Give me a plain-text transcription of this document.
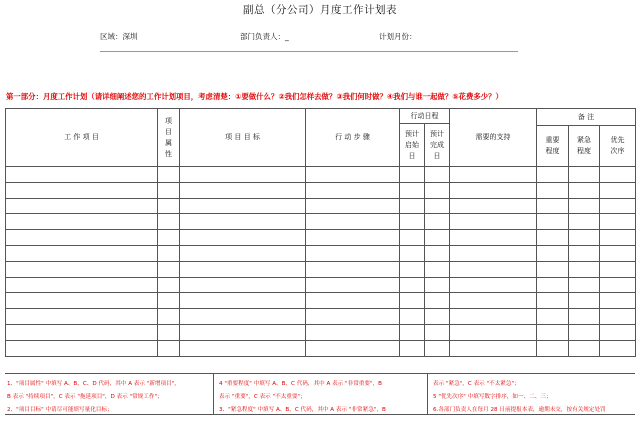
副总（分公司）月度工作计划表
区域：深圳	部门负责人：_	计划月份：
第一部分：月度工作计划（请详细阐述您的工作计划项目，考虑清楚：①要做什么？②我们怎样去做？③我们何时做？④我们与谁一起做？⑤花费多少？）
工 作 项 目	项目属性	项 目 目 标	行 动 步 骤	行动日程		需要的支持	备 注		
				预计启始日	预计完成日				
							重要程度	紧急程度	优先次序

1、"项目属性" 中填写 A、B、C、D 代码，其中 A 表示 "新增项目"，
B 表示 "持续项目"，C 表示 "拖延项目"，D 表示 "常规工作"；
2、"项目目标" 中请尽可能填写量化目标；
4 "重要程度" 中填写 A、B、C 代码，其中 A 表示 "非常重要"，B
表示 "重要"，C 表示 "不太重要"；
3、"紧急程度" 中填写 A、B、C 代码，其中 A 表示 "非常紧急"，B
表示 "紧急"，C 表示 "不太紧急"；
5 "优先次序" 中填写数字排序，如一、二、三；
6.各部门负责人在每月 28 日前提报本表，逾期未交，按有关规定处罚
